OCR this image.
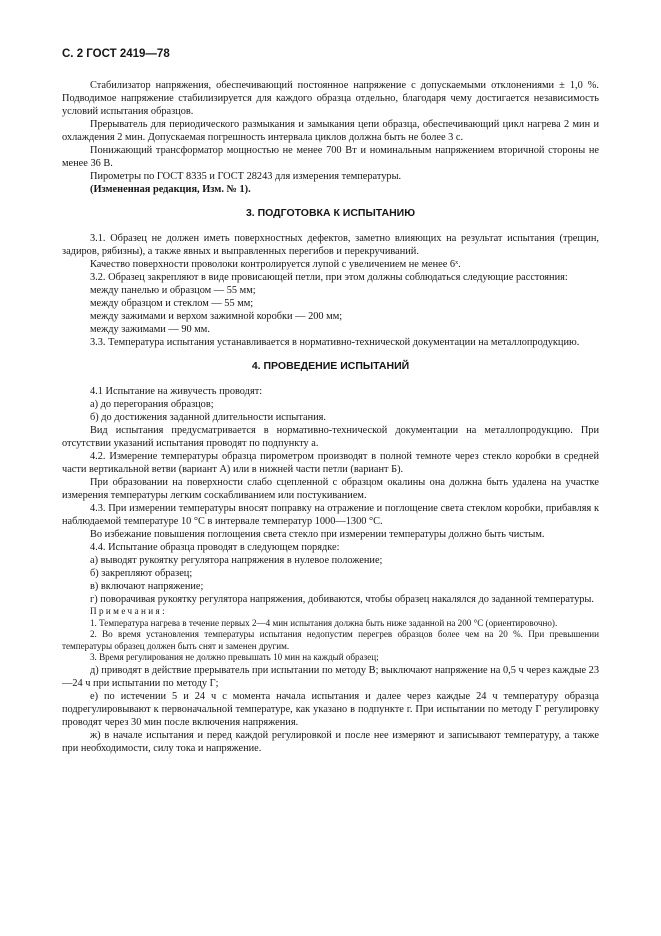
С. 2 ГОСТ 2419—78

Стабилизатор напряжения, обеспечивающий постоянное напряжение с допускаемыми отклонениями ± 1,0 %. Подводимое напряжение стабилизируется для каждого образца отдельно, благодаря чему достигается независимость условий испытания образцов.

Прерыватель для периодического размыкания и замыкания цепи образца, обеспечивающий цикл нагрева 2 мин и охлаждения 2 мин. Допускаемая погрешность интервала циклов должна быть не более 3 с.

Понижающий трансформатор мощностью не менее 700 Вт и номинальным напряжением вторичной стороны не менее 36 В.

Пирометры по ГОСТ 8335 и ГОСТ 28243 для измерения температуры.

(Измененная редакция, Изм. № 1).

3. ПОДГОТОВКА К ИСПЫТАНИЮ

3.1. Образец не должен иметь поверхностных дефектов, заметно влияющих на результат испытания (трещин, задиров, рябизны), а также явных и выправленных перегибов и перекручиваний.

Качество поверхности проволоки контролируется лупой с увеличением не менее 6ˣ.

3.2. Образец закрепляют в виде провисающей петли, при этом должны соблюдаться следующие расстояния:

между панелью и образцом — 55 мм;

между образцом и стеклом — 55 мм;

между зажимами и верхом зажимной коробки — 200 мм;

между зажимами — 90 мм.

3.3. Температура испытания устанавливается в нормативно-технической документации на металлопродукцию.

4. ПРОВЕДЕНИЕ ИСПЫТАНИЙ

4.1 Испытание на живучесть проводят:

а) до перегорания образцов;

б) до достижения заданной длительности испытания.

Вид испытания предусматривается в нормативно-технической документации на металлопродукцию. При отсутствии указаний испытания проводят по подпункту а.

4.2. Измерение температуры образца пирометром производят в полной темноте через стекло коробки в средней части вертикальной ветви (вариант А) или в нижней части петли (вариант Б).

При образовании на поверхности слабо сцепленной с образцом окалины она должна быть удалена на участке измерения температуры легким соскабливанием или постукиванием.

4.3. При измерении температуры вносят поправку на отражение и поглощение света стеклом коробки, прибавляя к наблюдаемой температуре 10 °С в интервале температур 1000—1300 °С.

Во избежание повышения поглощения света стекло при измерении температуры должно быть чистым.

4.4. Испытание образца проводят в следующем порядке:

а) выводят рукоятку регулятора напряжения в нулевое положение;

б) закрепляют образец;

в) включают напряжение;

г) поворачивая рукоятку регулятора напряжения, добиваются, чтобы образец накалялся до заданной температуры.

Примечания:

1. Температура нагрева в течение первых 2—4 мин испытания должна быть ниже заданной на 200 °С (ориентировочно).

2. Во время установления температуры испытания недопустим перегрев образцов более чем на 20 %. При превышении температуры образец должен быть снят и заменен другим.

3. Время регулирования не должно превышать 10 мин на каждый образец;

д) приводят в действие прерыватель при испытании по методу В; выключают напряжение на 0,5 ч через каждые 23—24 ч при испытании по методу Г;

е) по истечении 5 и 24 ч с момента начала испытания и далее через каждые 24 ч температуру образца подрегулировывают к первоначальной температуре, как указано в подпункте г. При испытании по методу Г регулировку проводят через 30 мин после включения напряжения.

ж) в начале испытания и перед каждой регулировкой и после нее измеряют и записывают температуру, а также при необходимости, силу тока и напряжение.
